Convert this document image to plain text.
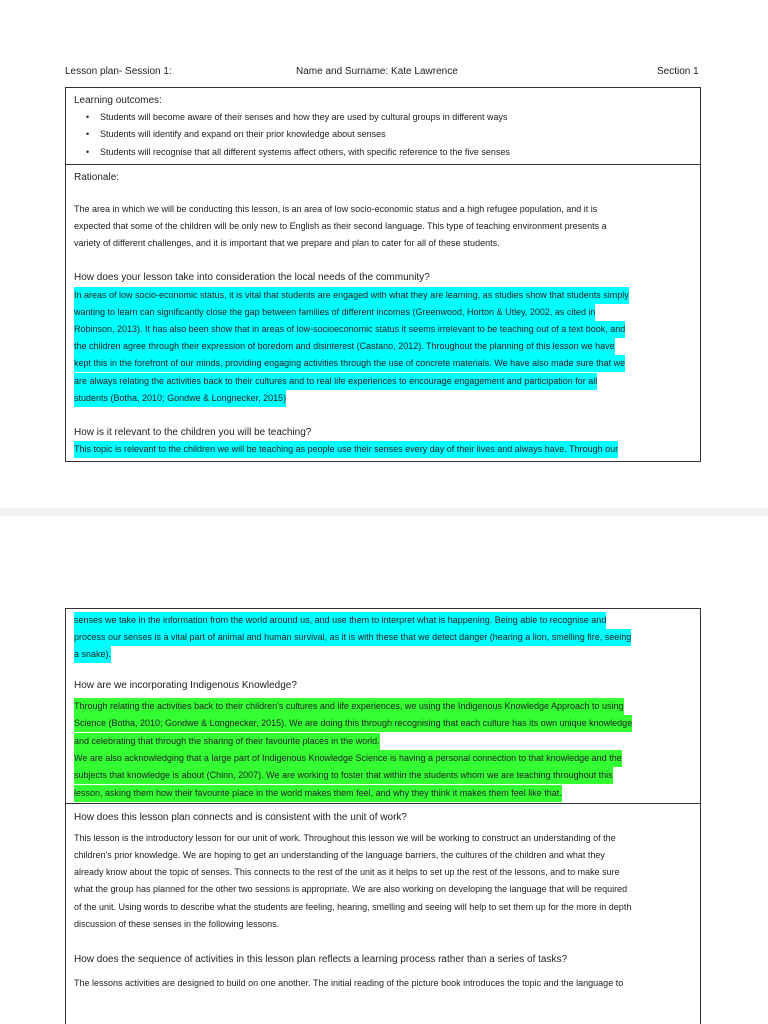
Lesson plan- Session 1:	Name and Surname: Kate Lawrence	Section 1
Learning outcomes:
• Students will become aware of their senses and how they are used by cultural groups in different ways
• Students will identify and expand on their prior knowledge about senses
• Students will recognise that all different systems affect others, with specific reference to the five senses
Rationale:
The area in which we will be conducting this lesson, is an area of low socio-economic status and a high refugee population, and it is
expected that some of the children will be only new to English as their second language. This type of teaching environment presents a
variety of different challenges, and it is important that we prepare and plan to cater for all of these students.
How does your lesson take into consideration the local needs of the community?
In areas of low socio-economic status, it is vital that students are engaged with what they are learning, as studies show that students simply
wanting to learn can significantly close the gap between families of different incomes (Greenwood, Horton & Utley, 2002, as cited in
Robinson, 2013). It has also been show that in areas of low-socioeconomic status it seems irrelevant to be teaching out of a text book, and
the children agree through their expression of boredom and disinterest (Castano, 2012). Throughout the planning of this lesson we have
kept this in the forefront of our minds, providing engaging activities through the use of concrete materials. We have also made sure that we
are always relating the activities back to their cultures and to real life experiences to encourage engagement and participation for all
students (Botha, 2010; Gondwe & Longnecker, 2015)
How is it relevant to the children you will be teaching?
This topic is relevant to the children we will be teaching as people use their senses every day of their lives and always have. Through our
senses we take in the information from the world around us, and use them to interpret what is happening. Being able to recognise and
process our senses is a vital part of animal and human survival, as it is with these that we detect danger (hearing a lion, smelling fire, seeing
a snake).
How are we incorporating Indigenous Knowledge?
Through relating the activities back to their children's cultures and life experiences, we using the Indigenous Knowledge Approach to using
Science (Botha, 2010; Gondwe & Longnecker, 2015). We are doing this through recognising that each culture has its own unique knowledge
and celebrating that through the sharing of their favourite places in the world.
We are also acknowledging that a large part of Indigenous Knowledge Science is having a personal connection to that knowledge and the
subjects that knowledge is about (Chinn, 2007). We are working to foster that within the students whom we are teaching throughout this
lesson, asking them how their favourite place in the world makes them feel, and why they think it makes them feel like that.
How does this lesson plan connects and is consistent with the unit of work?
This lesson is the introductory lesson for our unit of work. Throughout this lesson we will be working to construct an understanding of the
children's prior knowledge. We are hoping to get an understanding of the language barriers, the cultures of the children and what they
already know about the topic of senses. This connects to the rest of the unit as it helps to set up the rest of the lessons, and to make sure
what the group has planned for the other two sessions is appropriate. We are also working on developing the language that will be required
of the unit. Using words to describe what the students are feeling, hearing, smelling and seeing will help to set them up for the more in depth
discussion of these senses in the following lessons.
How does the sequence of activities in this lesson plan reflects a learning process rather than a series of tasks?
The lessons activities are designed to build on one another. The initial reading of the picture book introduces the topic and the language to
